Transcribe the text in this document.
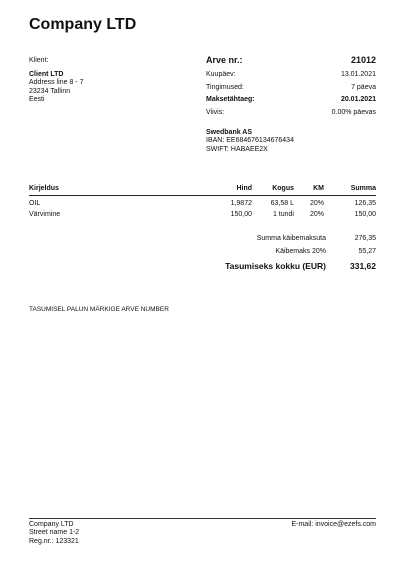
Company LTD
Klient:
Client LTD
Address line 8 - 7
23234 Tallinn
Eesti
Arve nr.:	21012
Kuupäev:	13.01.2021
Tingimused:	7 päeva
Maksetähtaeg:	20.01.2021
Viivis:	0.00% päevas
Swedbank AS
IBAN: EE684676134676434
SWIFT: HABAEE2X
Kirjeldus	Hind	Kogus	KM	Summa
OIL	1,9872	63,58 L	20%	126,35
Värvimine	150,00	1 tundi	20%	150,00
Summa käibemaksuta	276,35
Käibemaks 20%	55,27
Tasumiseks kokku (EUR)	331,62
TASUMISEL PALUN MÄRKIGE ARVE NUMBER
Company LTD
Street name 1-2
Reg.nr.: 123321
E-mail: invoice@ezefs.com
